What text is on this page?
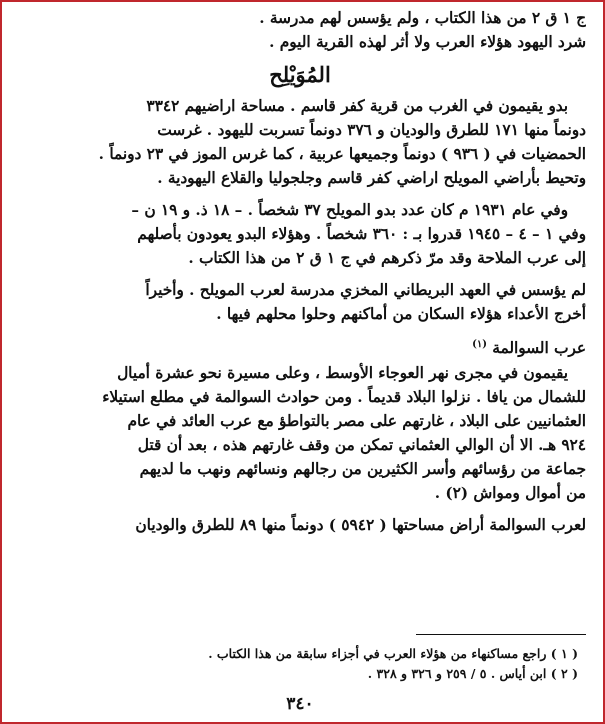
ج ١ ق ٢ من هذا الكتاب ، ولم يؤسس لهم مدرسة .
شرد اليهود هؤلاء العرب ولا أثر لهذه القرية اليوم .
المُوَيْلِح
بدو يقيمون في الغرب من قرية كفر قاسم . مساحة اراضيهم ٣٣٤٢
دونماً منها ١٧١ للطرق والوديان و ٣٧٦ دونماً تسربت لليهود . غرست
الحمضيات في ( ٩٣٦ ) دونماً وجميعها عربية ، كما غرس الموز في ٢٣ دونماً .
وتحيط بأراضي المويلح اراضي كفر قاسم وجلجوليا والقلاع اليهودية .
وفي عام ١٩٣١ م كان عدد بدو المويلح ٣٧ شخصاً . – ١٨ ذ. و ١٩ ن –
وفي ١ – ٤ – ١٩٤٥ قدروا بـ : ٣٦٠ شخصاً . وهؤلاء البدو يعودون بأصلهم
إلى عرب الملاحة وقد مرّ ذكرهم في ج ١ ق ٢ من هذا الكتاب .
لم يؤسس في العهد البريطاني المخزي مدرسة لعرب المويلح . وأخيراً
أخرج الأعداء هؤلاء السكان من أماكنهم وحلوا محلهم فيها .
عرب السوالمة $^{(١)}$
يقيمون في مجرى نهر العوجاء الأوسط ، وعلى مسيرة نحو عشرة أميال
للشمال من يافا . نزلوا البلاد قديماً . ومن حوادث السوالمة في مطلع استيلاء
العثمانيين على البلاد ، غارتهم على مصر بالتواطؤ مع عرب العائد في عام
٩٢٤ هـ. الا أن الوالي العثماني تمكن من وقف غارتهم هذه ، بعد أن قتل
جماعة من رؤسائهم وأسر الكثيرين من رجالهم ونسائهم ونهب ما لديهم
من أموال ومواش (٢) .
لعرب السوالمة أراض مساحتها ( ٥٩٤٢ ) دونماً منها ٨٩ للطرق والوديان
( ١ ) راجع مساكنهاء من هؤلاء العرب في أجزاء سابقة من هذا الكتاب .
( ٢ ) ابن أياس . ٥ / ٢٥٩ و ٣٢٦ و ٣٢٨ .
٣٤٠
